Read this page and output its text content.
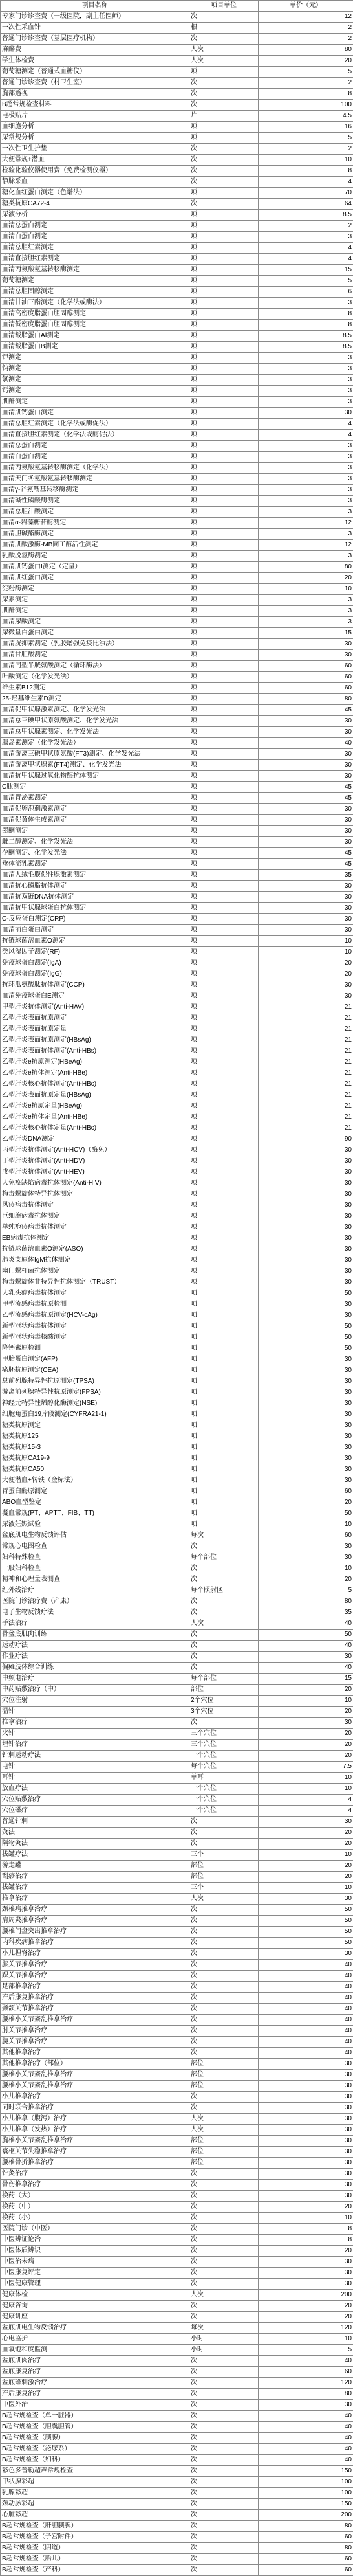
项目名称	项目单位	单价（元）
专家门诊诊查费（一级医院，副主任医师）	次	12
一次性采血针	根	2
普通门诊诊查费（基层医疗机构）	次	2
麻醉费	人次	80
学生体检费	人次	20
葡萄糖测定（普通式血糖仪）	项	5
普通门诊诊查费（村卫生室）	次	2
胸部透视	次	8
B超常规检查材料	次	100
电极贴片	片	4.5
血细胞分析	项	16
尿常规分析	项	5
一次性卫生护垫	次	2
大便常规+潜血	次	10
检验化验仪器使用费（免费检测仪器）	次	8
静脉采血	次	4
糖化血红蛋白测定（色谱法）	项	70
糖类抗原CA72-4	次	64
尿液分析	项	8.5
血清总蛋白测定	项	2
血清白蛋白测定	项	3
血清总胆红素测定	项	4
血清直接胆红素测定	项	4
血清丙氨酸氨基转移酶测定	项	15
葡萄糖测定	项	5
血清总胆固醇测定	项	6
血清甘油三酯测定（化学法或酶法）	项	3
血清高密度脂蛋白胆固醇测定	项	8
血清低密度脂蛋白胆固醇测定	项	8
血清载脂蛋白AⅠ测定	项	8.5
血清载脂蛋白B测定	项	8.5
钾测定	项	3
钠测定	项	3
氯测定	项	3
钙测定	项	3
肌酐测定	项	3
血清肌钙蛋白测定	项	30
血清总胆红素测定（化学法或酶促法）	项	4
血清直接胆红素测定（化学法或酶促法）	项	4
血清总蛋白测定	项	3
血清白蛋白测定	项	3
血清丙氨酸氨基转移酶测定（化学法）	项	3
血清天门冬氨酸氨基转移酶测定	项	3
血清γ-谷氨酰基转移酶测定	项	3
血清碱性磷酸酶测定	项	3
血清总胆汁酸测定	项	3
血清α-岩藻糖苷酶测定	项	12
血清胆碱酯酶测定	项	3
血清肌酸激酶-MB同工酶活性测定	项	12
乳酸脱氢酶测定	项	3
血清肌钙蛋白I测定（定量）	项	80
血清肌红蛋白测定	项	20
淀粉酶测定	项	10
尿素测定	项	3
肌酐测定	项	3
血清尿酸测定	项	3
尿微量白蛋白测定	项	15
血清胱抑素测定（乳胶增强免疫比浊法）	项	30
血清甘胆酸测定	项	30
血清同型半胱氨酸测定（循环酶法）	项	60
叶酸测定（化学发光法）	项	60
维生素B12测定	项	60
25-羟基维生素D测定	项	80
血清促甲状腺激素测定、化学发光法	项	45
血清总三碘甲状原氨酸测定、化学发光法	项	30
血清总甲状腺素测定、化学发光法	项	30
胰岛素测定（化学发光法）	项	40
血清游离三碘甲状原氨酸(FT3)测定、化学发光法	项	30
血清游离甲状腺素(FT4)测定、化学发光法	项	30
血清抗甲状腺过氧化物酶抗体测定	项	30
C肽测定	项	45
血清胃泌素测定	项	45
血清促卵泡刺激素测定	项	30
血清促黄体生成素测定	项	30
睾酮测定	项	30
雌二醇测定、化学发光法	项	30
孕酮测定、化学发光法	项	45
垂体泌乳素测定	项	45
血清人绒毛膜促性腺激素测定	项	35
血清抗心磷脂抗体测定	项	30
血清抗双链DNA抗体测定	项	30
血清抗甲状腺球蛋白抗体测定	项	30
C-反应蛋白测定(CRP)	项	30
血清前白蛋白测定	项	30
抗链球菌溶血素O测定	项	10
类风湿因子测定(RF)	项	10
免疫球蛋白测定(IgA)	项	20
免疫球蛋白测定(IgG)	项	20
抗环瓜氨酸肽抗体测定(CCP)	项	30
血清免疫球蛋白E测定	项	30
甲型肝炎抗体测定(Anti-HAV)	项	21
乙型肝炎表面抗原测定	项	21
乙型肝炎表面抗原定量	项	21
乙型肝炎表面抗原测定(HBsAg)	项	21
乙型肝炎表面抗体测定(Anti-HBs)	项	21
乙型肝炎e抗原测定(HBeAg)	项	21
乙型肝炎e抗体测定(Anti-HBe)	项	21
乙型肝炎核心抗体测定(Anti-HBc)	项	21
乙型肝炎表面抗原定量(HBsAg)	项	21
乙型肝炎e抗原定量(HBeAg)	项	21
乙型肝炎e抗体定量(Anti-HBe)	项	21
乙型肝炎核心抗体定量(Anti-HBc)	项	21
乙型肝炎DNA测定	项	90
丙型肝炎抗体测定(Anti-HCV)（酶免）	项	30
丁型肝炎抗体测定(Anti-HDV)	项	30
戊型肝炎抗体测定(Anti-HEV)	项	30
人免疫缺陷病毒抗体测定(Anti-HIV)	项	30
梅毒螺旋体特异抗体测定	项	30
风疹病毒抗体测定	项	30
巨细胞病毒抗体测定	项	30
单纯疱疹病毒抗体测定	项	30
EB病毒抗体测定	项	30
抗链球菌溶血素O测定(ASO)	项	30
肺炎支原体IgM抗体测定	项	30
幽门螺杆菌抗体测定	项	30
梅毒螺旋体非特异性抗体测定（TRUST）	项	30
人乳头瘤病毒抗体测定	项	50
甲型流感病毒抗原检测	项	30
乙型流感病毒抗原测定(HCV-cAg)	项	30
新型冠状病毒抗体测定	项	50
新型冠状病毒核酸测定	项	50
降钙素原检测	项	50
甲胎蛋白测定(AFP)	项	30
癌胚抗原测定(CEA)	项	30
总前列腺特异性抗原测定(TPSA)	项	30
游离前列腺特异性抗原测定(FPSA)	项	30
神经元特异性烯醇化酶测定(NSE)	项	30
细胞角蛋白19片段测定(CYFRA21-1)	项	30
糖类抗原测定	项	30
糖类抗原125	项	30
糖类抗原15-3	项	30
糖类抗原CA19-9	项	30
糖类抗原CA50	项	30
大便潜血+转铁（金标法）	项	30
胃蛋白酶原测定	项	60
ABO血型鉴定	项	20
凝血常规(PT、APTT、FIB、TT)	项	50
尿液妊娠试验	项	10
盆底肌电生物反馈评估	每次	60
常规心电图检查	次	30
妇科特殊检查	每个部位	30
一般妇科检查	次	10
精神和心理量表测查	次	20
红外线治疗	每个照射区	5
医院门诊治疗费（产康）	次	80
电子生物反馈疗法	次	35
手法治疗	人次	40
骨盆底肌肉训练	次	50
运动疗法	次	40
作业疗法	次	30
偏瘫肢体综合训练	次	40
中频电治疗	每个部位	15
中药贴敷治疗（中）	部位	20
穴位注射	2个穴位	10
温针	3个穴位	20
推拿治疗	次	30
火针	三个穴位	20
埋针治疗	三个穴位	20
针刺运动疗法	一个穴位	20
电针	每个穴位	7.5
耳针	单耳	10
放血疗法	一个穴位	10
穴位贴敷治疗	一个穴位	4
穴位磁疗	一个穴位	4
普通针刺	次	30
灸法	次	20
隔物灸法	次	20
拔罐疗法	三个	10
游走罐	部位	20
刮痧治疗	部位	20
拔罐治疗	三个	10
推拿治疗	人次	30
颈椎病推拿治疗	次	50
肩周炎推拿治疗	次	50
腰椎间盘突出推拿治疗	次	50
内科疾病推拿治疗	次	50
小儿捏脊治疗	次	30
膝关节推拿治疗	次	40
踝关节推拿治疗	次	40
足部推拿治疗	次	40
产后康复推拿治疗	次	40
颞颌关节推拿治疗	次	40
腰椎小关节紊乱推拿治疗	次	40
肘关节推拿治疗	次	40
腕关节推拿治疗	次	40
其他推拿治疗	次	40
其他推拿治疗（部位）	部位	30
腰椎小关节紊乱推拿治疗	部位	30
腰椎小关节紊乱推拿治疗	部位	30
小儿推拿治疗	次	30
同时联合推拿治疗	次	30
小儿推拿（腹泻）治疗	人次	30
小儿推拿（发热）治疗	人次	30
胸椎小关节紊乱推拿治疗	部位	30
寰枢关节失稳推拿治疗	部位	30
腰椎骨折推拿治疗	部位	30
针灸治疗	次	30
骨伤推拿治疗	次	30
换药（大）	次	30
换药（中）	次	20
换药（小）	次	10
医院门诊（中医）	次	8
中医辨证论治	次	8
中医体质辨识	次	20
中医治未病	次	30
中医康复评定	次	30
中医健康管理	次	30
健康体检	人次	200
健康咨询	次	20
健康讲座	次	20
盆底肌电生物反馈治疗	每次	120
心电监护	小时	10
血氧饱和度监测	小时	5
盆底肌肉治疗	次	40
盆底康复治疗	次	60
盆底磁刺激治疗	次	120
产后康复治疗	次	80
中医外治	次	30
B超常规检查（单一脏器）	次	40
B超常规检查（胆囊胆管）	次	40
B超常规检查（胰腺）	次	40
B超常规检查（泌尿系）	次	40
B超常规检查（妇科）	次	40
彩色多普勒超声常规检查	次	150
甲状腺彩超	次	100
乳腺彩超	次	100
颈动脉彩超	次	150
心脏彩超	次	200
B超常规检查（肝胆胰脾）	次	80
B超常规检查（子宫附件）	次	60
B超常规检查（阴道）	次	80
B超常规检查（胎儿）	次	60
B超常规检查（产科）	次	60
